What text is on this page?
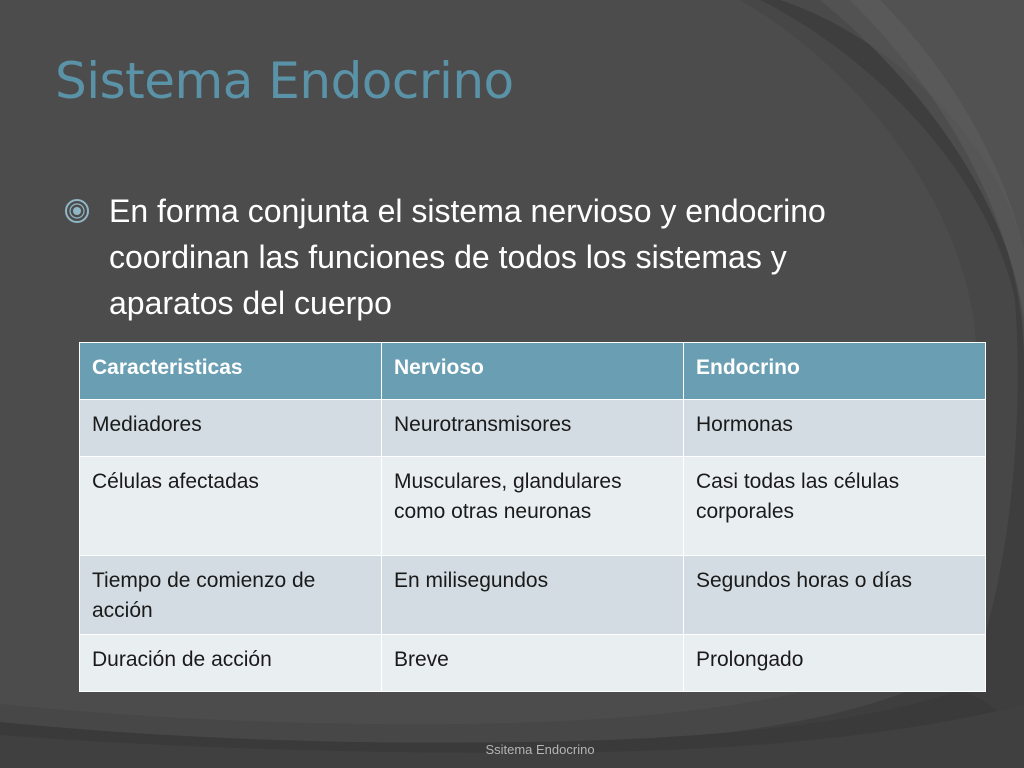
Sistema Endocrino

En forma conjunta el sistema nervioso y endocrino coordinan las funciones de todos los sistemas y aparatos del cuerpo

Caracteristicas	Nervioso	Endocrino
Mediadores	Neurotransmisores	Hormonas
Células afectadas	Musculares, glandulares como otras neuronas	Casi todas las células corporales
Tiempo de comienzo de acción	En milisegundos	Segundos horas o días
Duración de acción	Breve	Prolongado
Ssitema Endocrino
